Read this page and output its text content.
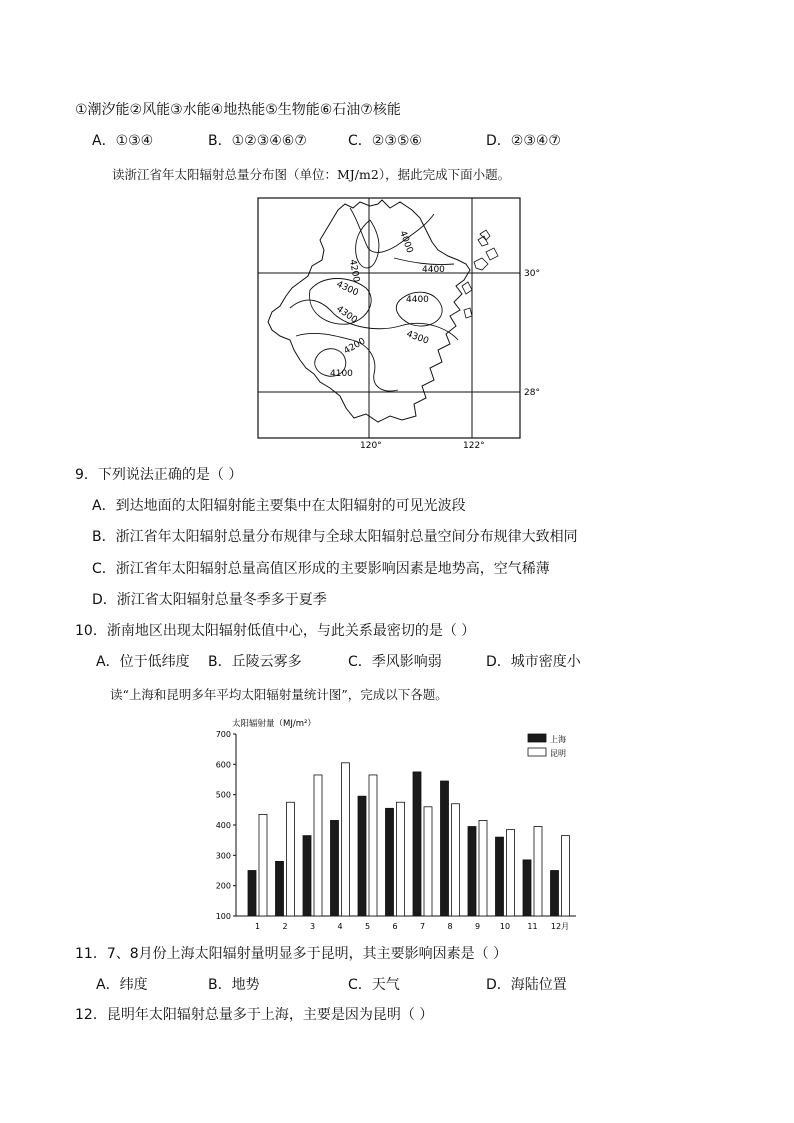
①潮汐能②风能③水能④地热能⑤生物能⑥石油⑦核能
A．①③④	B．①②③④⑥⑦	C．②③⑤⑥	D．②③④⑦
读浙江省年太阳辐射总量分布图（单位：MJ/m2），据此完成下面小题。
4000
4200	4400
4300
4400
4300
4300
4200
4100
30°
28°
120°	122°
9．下列说法正确的是（ ）
A．到达地面的太阳辐射能主要集中在太阳辐射的可见光波段
B．浙江省年太阳辐射总量分布规律与全球太阳辐射总量空间分布规律大致相同
C．浙江省年太阳辐射总量高值区形成的主要影响因素是地势高，空气稀薄
D．浙江省太阳辐射总量冬季多于夏季
10．浙南地区出现太阳辐射低值中心，与此关系最密切的是（ ）
A．位于低纬度 B．丘陵云雾多	C．季风影响弱	D．城市密度小
读“上海和昆明多年平均太阳辐射量统计图”，完成以下各题。
太阳辐射量（MJ/m²）
100
200
300
400
500
600
700
1	2	3	4	5	6	7	8	9 10 11 12月
上海
昆明
11．7、8月份上海太阳辐射量明显多于昆明，其主要影响因素是（ ）
A．纬度	B．地势	C．天气	D．海陆位置
12．昆明年太阳辐射总量多于上海，主要是因为昆明（ ）
